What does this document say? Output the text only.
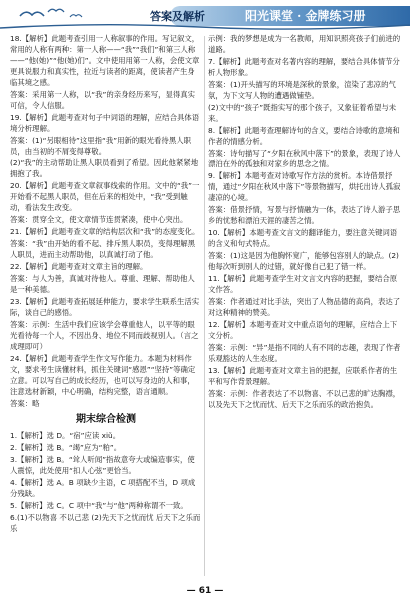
答案及解析	阳光课堂 · 金牌练习册

18.【解析】此题考查引用一人称叙事的作用。写记叙文，常用的人称有两种：第一人称——“我”“我们”和第三人称——“他(她)”“他(她)们”。文中使用用第一人称，会使文章更具说服力和真实性，拉近与读者的距离，使读者产生身临其境之感。

答案：采用第一人称，以“我”的亲身经历来写，显得真实可信，令人信服。

19.【解析】此题考查对句子中词语的理解，应结合具体语境分析理解。

答案：(1)“另眼相待”这里指“我”用新的眼光看待黑人职员，由当初的不屑变得尊敬。

(2)“我”的主动帮助让黑人职员看到了希望。因此他紧紧地拥抱了我。

20.【解析】此题考查文章叙事线索的作用。文中的“我”一开始看不起黑人职员，但在后来的相处中，“我”受到触动，看法发生改变。

答案：贯穿全文，使文章情节连贯紧凑，使中心突出。

21.【解析】此题考查文章的结构层次和“我”的态度变化。

答案：“我”由开始的看不起、排斥黑人职员，变得理解黑人职员，进而主动帮助他，以真诚打动了他。

22.【解析】此题考查对文章主旨的理解。

答案：与人为善，真诚对待他人。尊重、理解、帮助他人是一种美德。

23.【解析】此题考查拓展延伸能力，要求学生联系生活实际，谈自己的感悟。

答案：示例：生活中我们应该学会尊重他人，以平等的眼光看待每一个人，不因出身、地位不同而歧视别人。（言之成理即可）

24.【解析】此题考查学生作文写作能力。本题为材料作文，要求考生读懂材料，抓住关键词“感恩”“坚持”等确定立意。可以写自己的成长经历，也可以写身边的人和事，注意选材新颖，中心明确，结构完整，语言通顺。

答案：略

期末综合检测

1.【解析】选 D。“宿”应读 xiǔ。

2.【解析】选 B。“竭”应为“粕”。

3.【解析】选 B。“耸人听闻”指故意夸大或编造事实，使人震惊，此处使用“扣人心弦”更恰当。

4.【解析】选 A。B 项缺少主语，C 项搭配不当，D 项成分残缺。

5.【解析】选 C。C 项中“我”与“他”两种称谓不一致。

6.(1)不以物喜 不以己悲 (2)先天下之忧而忧 后天下之乐而乐

示例：我的梦想是成为一名教师，用知识照亮孩子们前进的道路。

7.【解析】此题考查对名著内容的理解，要结合具体情节分析人物形象。

答案：(1)开头描写的环境是深秋的景象，渲染了悲凉的气氛，为下文写人物的遭遇做铺垫。

(2)文中的“孩子”既指实写的那个孩子，又象征着希望与未来。

8.【解析】此题考查理解诗句的含义，要结合诗歌的意境和作者的情感分析。

答案：诗句描写了“夕阳在秋风中落下”的景象，表现了诗人漂泊在外的孤独和对家乡的思念之情。

9.【解析】本题考查对诗歌写作方法的赏析。本诗借景抒情，通过“夕阳在秋风中落下”等景物描写，烘托出诗人孤寂凄凉的心境。

答案：借景抒情，写景与抒情融为一体，表达了诗人游子思乡的忧愁和漂泊天涯的凄苦之情。

10.【解析】本题考查文言文的翻译能力，要注意关键词语的含义和句式特点。

答案：(1)这是因为他胸怀宽广，能够包容别人的缺点。(2)他每次听到别人的过错，就好像自己犯了错一样。

11.【解析】此题考查学生对文言文内容的把握，要结合原文作答。

答案：作者通过对比手法，突出了人物品德的高尚，表达了对这种精神的赞美。

12.【解析】本题考查对文中重点语句的理解，应结合上下文分析。

答案：示例：“异”是指不同的人有不同的志趣，表现了作者乐观豁达的人生态度。

13.【解析】此题考查对文章主旨的把握，应联系作者的生平和写作背景理解。

答案：示例：作者表达了不以物喜、不以己悲的旷达胸襟，以及先天下之忧而忧、后天下之乐而乐的政治抱负。

— 61 —
